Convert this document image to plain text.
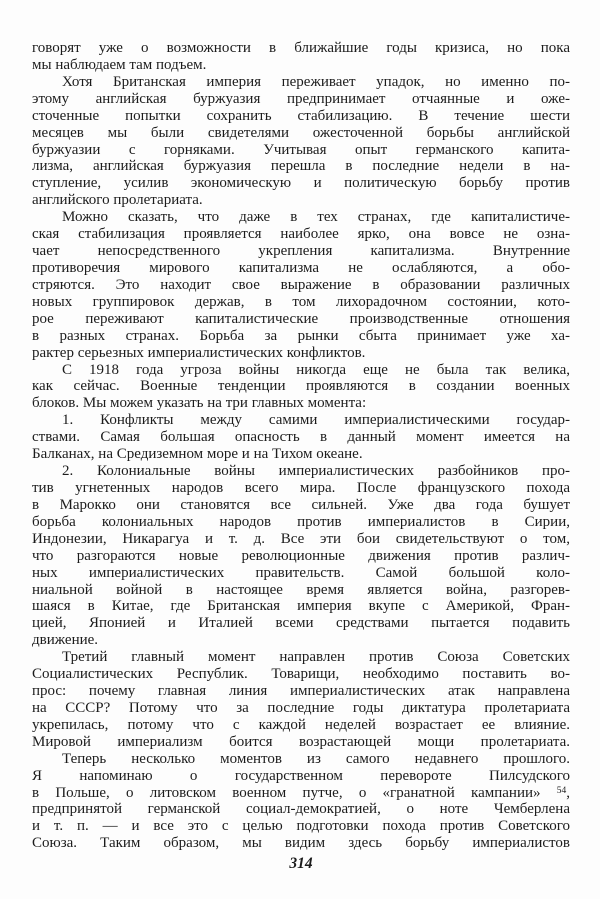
говорят уже о возможности в ближайшие годы кризиса, но пока
мы наблюдаем там подъем.
Хотя Британская империя переживает упадок, но именно по-
этому английская буржуазия предпринимает отчаянные и оже-
сточенные попытки сохранить стабилизацию. В течение шести
месяцев мы были свидетелями ожесточенной борьбы английской
буржуазии с горняками. Учитывая опыт германского капита-
лизма, английская буржуазия перешла в последние недели в на-
ступление, усилив экономическую и политическую борьбу против
английского пролетариата.
Можно сказать, что даже в тех странах, где капиталистиче-
ская стабилизация проявляется наиболее ярко, она вовсе не озна-
чает непосредственного укрепления капитализма. Внутренние
противоречия мирового капитализма не ослабляются, а обо-
стряются. Это находит свое выражение в образовании различных
новых группировок держав, в том лихорадочном состоянии, кото-
рое переживают капиталистические производственные отношения
в разных странах. Борьба за рынки сбыта принимает уже ха-
рактер серьезных империалистических конфликтов.
С 1918 года угроза войны никогда еще не была так велика,
как сейчас. Военные тенденции проявляются в создании военных
блоков. Мы можем указать на три главных момента:
1. Конфликты между самими империалистическими государ-
ствами. Самая большая опасность в данный момент имеется на
Балканах, на Средиземном море и на Тихом океане.
2. Колониальные войны империалистических разбойников про-
тив угнетенных народов всего мира. После французского похода
в Марокко они становятся все сильней. Уже два года бушует
борьба колониальных народов против империалистов в Сирии,
Индонезии, Никарагуа и т. д. Все эти бои свидетельствуют о том,
что разгораются новые революционные движения против различ-
ных империалистических правительств. Самой большой коло-
ниальной войной в настоящее время является война, разгорев-
шаяся в Китае, где Британская империя вкупе с Америкой, Фран-
цией, Японией и Италией всеми средствами пытается подавить
движение.
Третий главный момент направлен против Союза Советских
Социалистических Республик. Товарищи, необходимо поставить во-
прос: почему главная линия империалистических атак направлена
на СССР? Потому что за последние годы диктатура пролетариата
укрепилась, потому что с каждой неделей возрастает ее влияние.
Мировой империализм боится возрастающей мощи пролетариата.
Теперь несколько моментов из самого недавнего прошлого.
Я напоминаю о государственном перевороте Пилсудского
в Польше, о литовском военном путче, о «гранатной кампании» $^{54}$,
предпринятой германской социал-демократией, о ноте Чемберлена
и т. п. — и все это с целью подготовки похода против Советского
Союза. Таким образом, мы видим здесь борьбу империалистов
314
